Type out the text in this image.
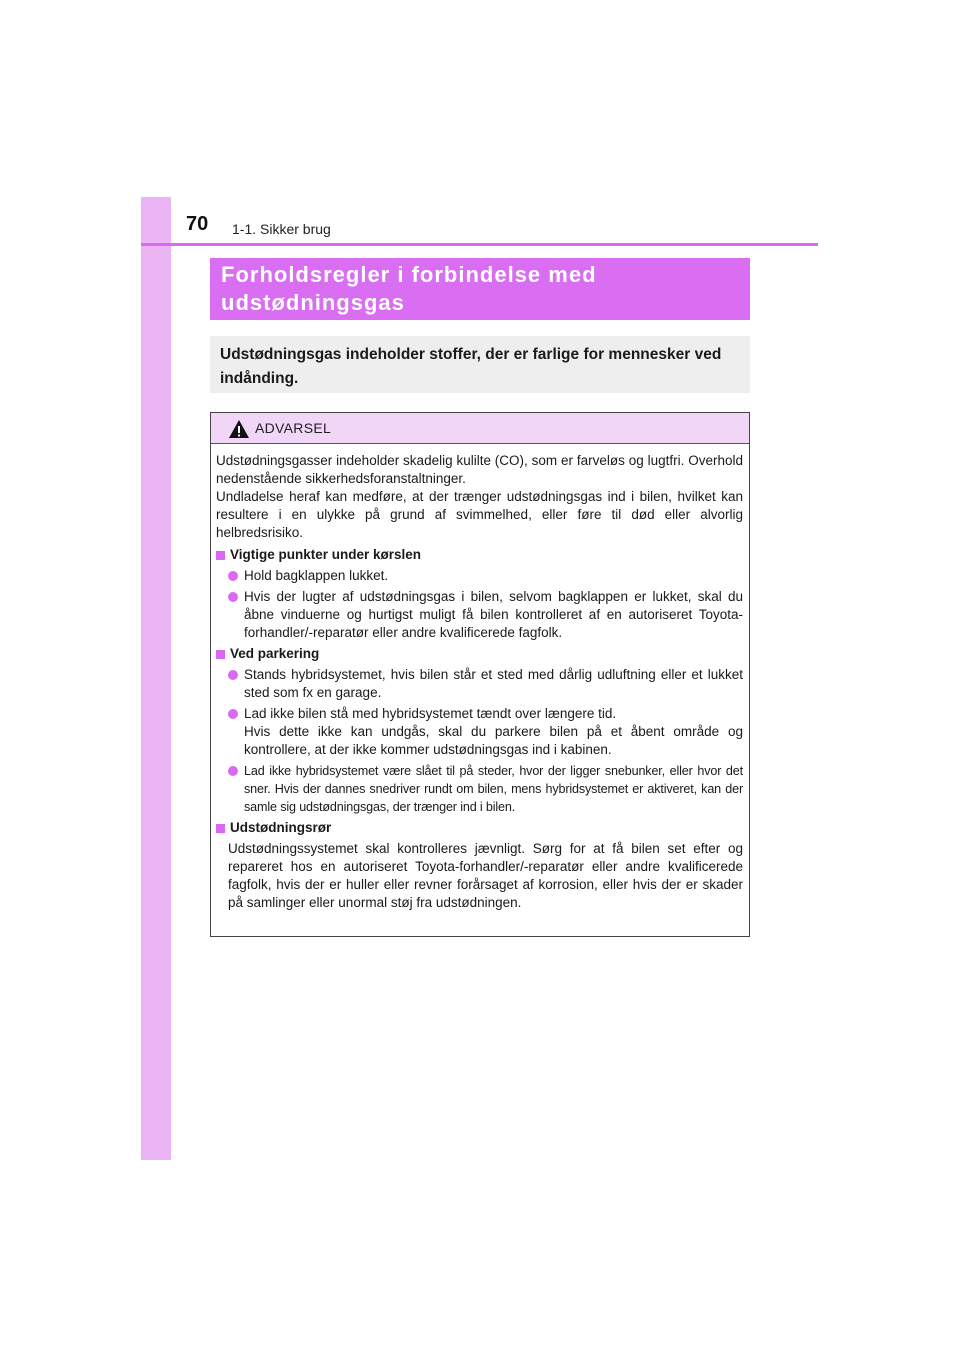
70 1-1. Sikker brug
Forholdsregler i forbindelse med
udstødningsgas

Udstødningsgas indeholder stoffer, der er farlige for mennesker ved indånding.

ADVARSEL

Udstødningsgasser indeholder skadelig kulilte (CO), som er farveløs og lugtfri. Overhold nedenstående sikkerhedsforanstaltninger.

Undladelse heraf kan medføre, at der trænger udstødningsgas ind i bilen, hvilket kan resultere i en ulykke på grund af svimmelhed, eller føre til død eller alvorlig helbredsrisiko.

Vigtige punkter under kørslen
Hold bagklappen lukket.
Hvis der lugter af udstødningsgas i bilen, selvom bagklappen er lukket, skal du åbne vinduerne og hurtigst muligt få bilen kontrolleret af en autoriseret Toyota-forhandler/-reparatør eller andre kvalificerede fagfolk.
Ved parkering
Stands hybridsystemet, hvis bilen står et sted med dårlig udluftning eller et lukket sted som fx en garage.
Lad ikke bilen stå med hybridsystemet tændt over længere tid.
Hvis dette ikke kan undgås, skal du parkere bilen på et åbent område og kontrollere, at der ikke kommer udstødningsgas ind i kabinen.
Lad ikke hybridsystemet være slået til på steder, hvor der ligger snebunker, eller hvor det sner. Hvis der dannes snedriver rundt om bilen, mens hybridsystemet er aktiveret, kan der samle sig udstødningsgas, der trænger ind i bilen.
Udstødningsrør

Udstødningssystemet skal kontrolleres jævnligt. Sørg for at få bilen set efter og repareret hos en autoriseret Toyota-forhandler/-reparatør eller andre kvalificerede fagfolk, hvis der er huller eller revner forårsaget af korrosion, eller hvis der er skader på samlinger eller unormal støj fra udstødningen.
